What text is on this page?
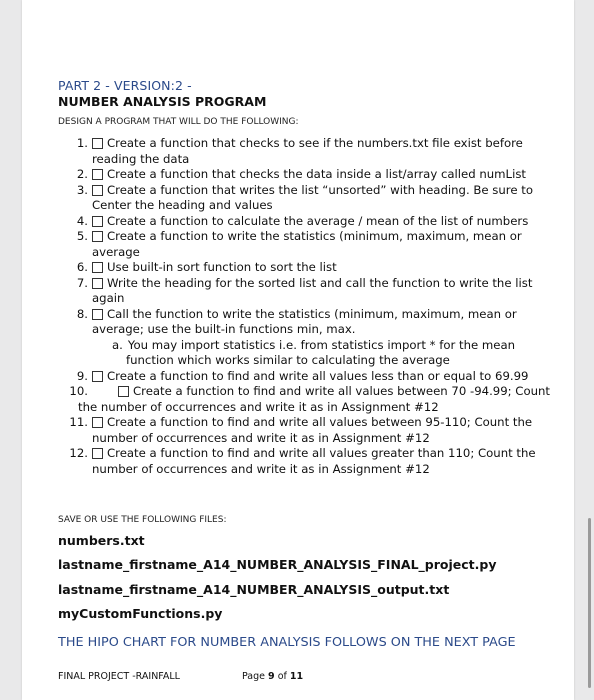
PART 2 - VERSION:2 -
NUMBER ANALYSIS PROGRAM
DESIGN A PROGRAM THAT WILL DO THE FOLLOWING:
1.	Create a function that checks to see if the numbers.txt file exist before reading the data
2.	Create a function that checks the data inside a list/array called numList
3.	Create a function that writes the list “unsorted” with heading. Be sure to Center the heading and values
4.	Create a function to calculate the average / mean of the list of numbers
5.	Create a function to write the statistics (minimum, maximum, mean or average
6.	Use built-in sort function to sort the list
7.	Write the heading for the sorted list and call the function to write the list again
8.	Call the function to write the statistics (minimum, maximum, mean or average; use the built-in functions min, max.
a. You may import statistics i.e. from statistics import * for the mean function which works similar to calculating the average
9.	Create a function to find and write all values less than or equal to 69.99
10.	Create a function to find and write all values between 70 -94.99; Count the number of occurrences and write it as in Assignment #12
11.	Create a function to find and write all values between 95-110; Count the number of occurrences and write it as in Assignment #12
12.	Create a function to find and write all values greater than 110; Count the number of occurrences and write it as in Assignment #12
SAVE OR USE THE FOLLOWING FILES:
numbers.txt
lastname_firstname_A14_NUMBER_ANALYSIS_FINAL_project.py
lastname_firstname_A14_NUMBER_ANALYSIS_output.txt
myCustomFunctions.py
THE HIPO CHART FOR NUMBER ANALYSIS FOLLOWS ON THE NEXT PAGE
FINAL PROJECT -RAINFALL	Page 9 of 11
